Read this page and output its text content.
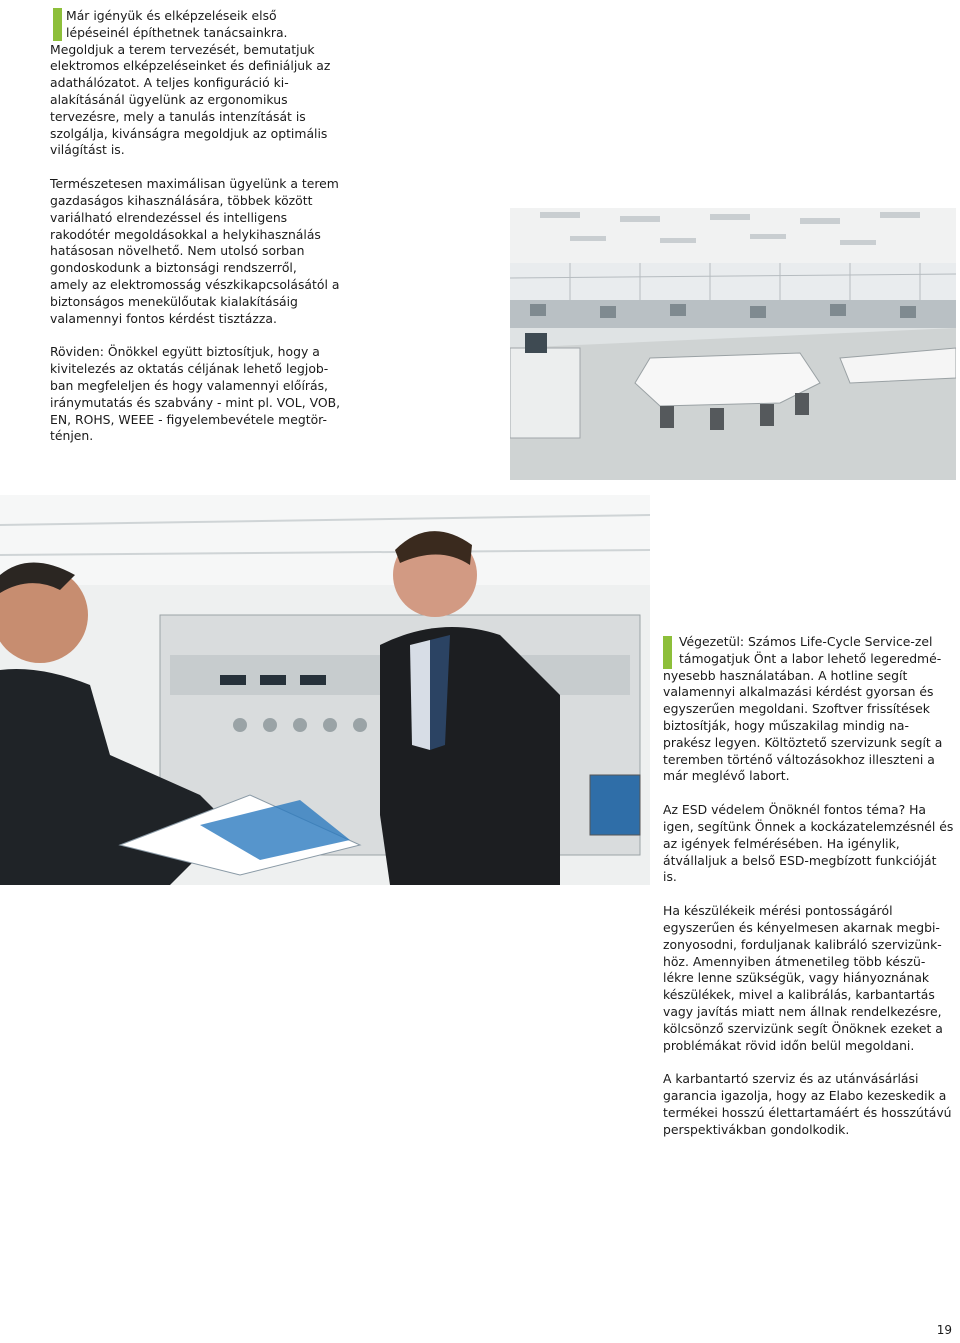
Már igényük és elképzeléseik első
lépéseinél építhetnek tanácsainkra.

Megoldjuk a terem tervezését, bemutatjuk
elektromos elképzeléseinket és definiáljuk az
adathálózatot. A teljes konfiguráció ki-
alakításánál ügyelünk az ergonomikus
tervezésre, mely a tanulás intenzítását is
szolgálja, kivánságra megoldjuk az optimális
világítást is.

Természetesen maximálisan ügyelünk a terem
gazdaságos kihasználására, többek között
variálható elrendezéssel és intelligens
rakodótér megoldásokkal a helykihasználás
hatásosan növelhető. Nem utolsó sorban
gondoskodunk a biztonsági rendszerről,
amely az elektromosság vészkikapcsolásától a
biztonságos menekülőutak kialakításáig
valamennyi fontos kérdést tisztázza.

Röviden: Önökkel együtt biztosítjuk, hogy a
kivitelezés az oktatás céljának lehető legjob-
ban megfeleljen és hogy valamennyi előírás,
iránymutatás és szabvány - mint pl. VOL, VOB,
EN, ROHS, WEEE - figyelembevétele megtör-
ténjen.

Végezetül: Számos Life-Cycle Service-zel
támogatjuk Önt a labor lehető legeredmé-

nyesebb használatában. A hotline segít
valamennyi alkalmazási kérdést gyorsan és
egyszerűen megoldani. Szoftver frissítések
biztosítják, hogy műszakilag mindig na-
prakész legyen. Költöztető szervizunk segít a
teremben történő változásokhoz illeszteni a
már meglévő labort.

Az ESD védelem Önöknél fontos téma? Ha
igen, segítünk Önnek a kockázatelemzésnél és
az igények felmérésében. Ha igénylik,
átvállaljuk a belső ESD-megbízott funkcióját
is.

Ha készülékeik mérési pontosságáról
egyszerűen és kényelmesen akarnak megbi-
zonyosodni, forduljanak kalibráló szervizünk-
höz. Amennyiben átmenetileg több készü-
lékre lenne szükségük, vagy hiányoznának
készülékek, mivel a kalibrálás, karbantartás
vagy javítás miatt nem állnak rendelkezésre,
kölcsönző szervizünk segít Önöknek ezeket a
problémákat rövid időn belül megoldani.

A karbantartó szerviz és az utánvásárlási
garancia igazolja, hogy az Elabo kezeskedik a
termékei hosszú élettartamáért és hosszútávú
perspektivákban gondolkodik.

19
